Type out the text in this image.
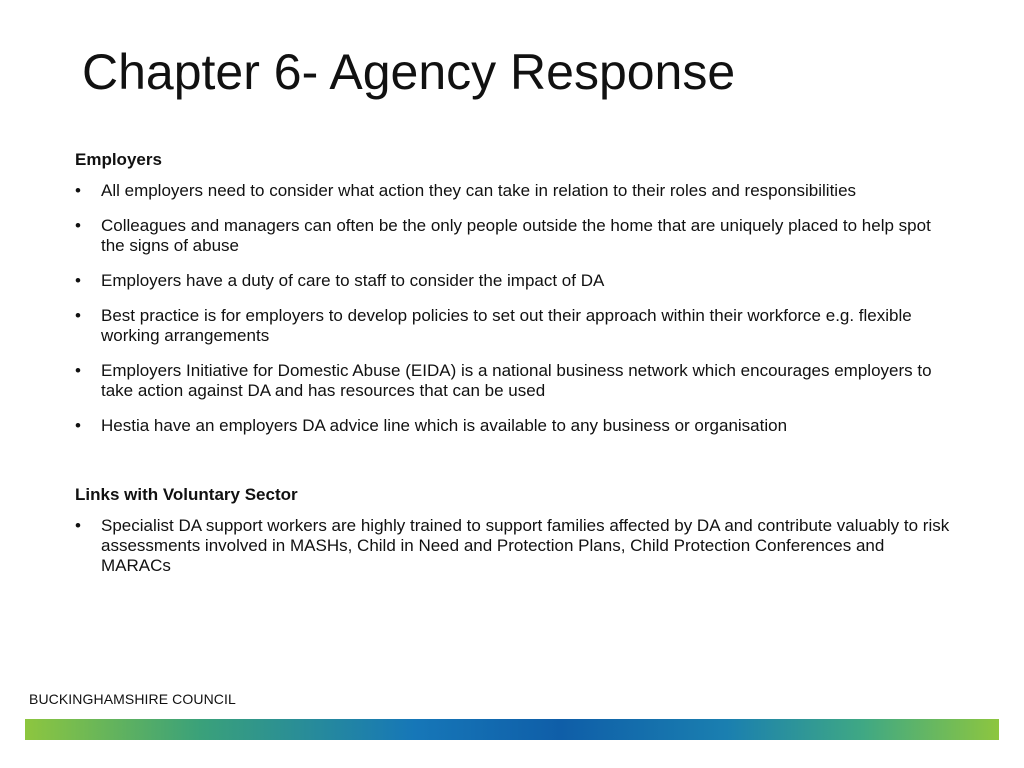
Chapter 6- Agency Response
Employers
•	All employers need to consider what action they can take in relation to their roles and responsibilities
•	Colleagues and managers can often be the only people outside the home that are uniquely placed to help spot the signs of abuse
•	Employers have a duty of care to staff to consider the impact of DA
•	Best practice is for employers to develop policies to set out their approach within their workforce e.g. flexible working arrangements
•	Employers Initiative for Domestic Abuse (EIDA) is a national business network which encourages employers to take action against DA and has resources that can be used
•	Hestia have an employers DA advice line which is available to any business or organisation
Links with Voluntary Sector
•	Specialist DA support workers are highly trained to support families affected by DA and contribute valuably to risk assessments involved in MASHs, Child in Need and Protection Plans, Child Protection Conferences and MARACs
BUCKINGHAMSHIRE COUNCIL
